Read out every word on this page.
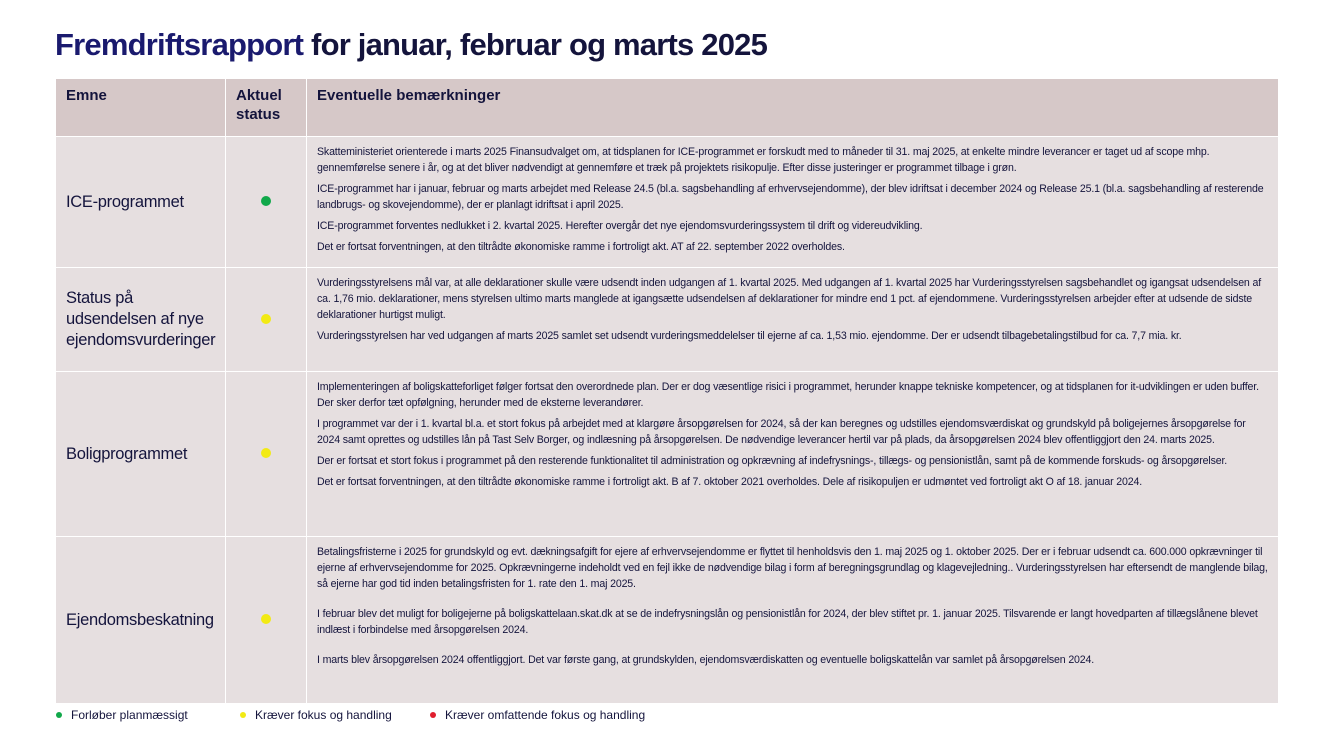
Fremdriftsrapport for januar, februar og marts 2025
Emne	Aktuel status	Eventuelle bemærkninger
ICE-programmet		Skatteministeriet orienterede i marts 2025 Finansudvalget om, at tidsplanen for ICE-programmet er forskudt med to måneder til 31. maj 2025, at enkelte mindre leverancer er taget ud af scope mhp. gennemførelse senere i år, og at det bliver nødvendigt at gennemføre et træk på projektets risikopulje. Efter disse justeringer er programmet tilbage i grøn.

ICE-programmet har i januar, februar og marts arbejdet med Release 24.5 (bl.a. sagsbehandling af erhvervsejendomme), der blev idriftsat i december 2024 og Release 25.1 (bl.a. sagsbehandling af resterende landbrugs- og skovejendomme), der er planlagt idriftsat i april 2025.

ICE-programmet forventes nedlukket i 2. kvartal 2025. Herefter overgår det nye ejendomsvurderingssystem til drift og videreudvikling.

Det er fortsat forventningen, at den tiltrådte økonomiske ramme i fortroligt akt. AT af 22. september 2022 overholdes.

Status på udsendelsen af nye ejendomsvurderinger		Vurderingsstyrelsens mål var, at alle deklarationer skulle være udsendt inden udgangen af 1. kvartal 2025. Med udgangen af 1. kvartal 2025 har Vurderingsstyrelsen sagsbehandlet og igangsat udsendelsen af ca. 1,76 mio. deklarationer, mens styrelsen ultimo marts manglede at igangsætte udsendelsen af deklarationer for mindre end 1 pct. af ejendommene. Vurderingsstyrelsen arbejder efter at udsende de sidste deklarationer hurtigst muligt.

Vurderingsstyrelsen har ved udgangen af marts 2025 samlet set udsendt vurderingsmeddelelser til ejerne af ca. 1,53 mio. ejendomme. Der er udsendt tilbagebetalingstilbud for ca. 7,7 mia. kr.

Boligprogrammet		Implementeringen af boligskatteforliget følger fortsat den overordnede plan. Der er dog væsentlige risici i programmet, herunder knappe tekniske kompetencer, og at tidsplanen for it-udviklingen er uden buffer. Der sker derfor tæt opfølgning, herunder med de eksterne leverandører.

I programmet var der i 1. kvartal bl.a. et stort fokus på arbejdet med at klargøre årsopgørelsen for 2024, så der kan beregnes og udstilles ejendomsværdiskat og grundskyld på boligejernes årsopgørelse for 2024 samt oprettes og udstilles lån på Tast Selv Borger, og indlæsning på årsopgørelsen. De nødvendige leverancer hertil var på plads, da årsopgørelsen 2024 blev offentliggjort den 24. marts 2025.

Der er fortsat et stort fokus i programmet på den resterende funktionalitet til administration og opkrævning af indefrysnings-, tillægs- og pensionistlån, samt på de kommende forskuds- og årsopgørelser.

Det er fortsat forventningen, at den tiltrådte økonomiske ramme i fortroligt akt. B af 7. oktober 2021 overholdes. Dele af risikopuljen er udmøntet ved fortroligt akt O af 18. januar 2024.

Ejendomsbeskatning		Betalingsfristerne i 2025 for grundskyld og evt. dækningsafgift for ejere af erhvervsejendomme er flyttet til henholdsvis den 1. maj 2025 og 1. oktober 2025. Der er i februar udsendt ca. 600.000 opkrævninger til ejerne af erhvervsejendomme for 2025. Opkrævningerne indeholdt ved en fejl ikke de nødvendige bilag i form af beregningsgrundlag og klagevejledning.. Vurderingsstyrelsen har eftersendt de manglende bilag, så ejerne har god tid inden betalingsfristen for 1. rate den 1. maj 2025.

I februar blev det muligt for boligejerne på boligskattelaan.skat.dk at se de indefrysningslån og pensionistlån for 2024, der blev stiftet pr. 1. januar 2025. Tilsvarende er langt hovedparten af tillægslånene blevet indlæst i forbindelse med årsopgørelsen 2024.

I marts blev årsopgørelsen 2024 offentliggjort. Det var første gang, at grundskylden, ejendomsværdiskatten og eventuelle boligskattelån var samlet på årsopgørelsen 2024.

Forløber planmæssigt	Kræver fokus og handling	Kræver omfattende fokus og handling
